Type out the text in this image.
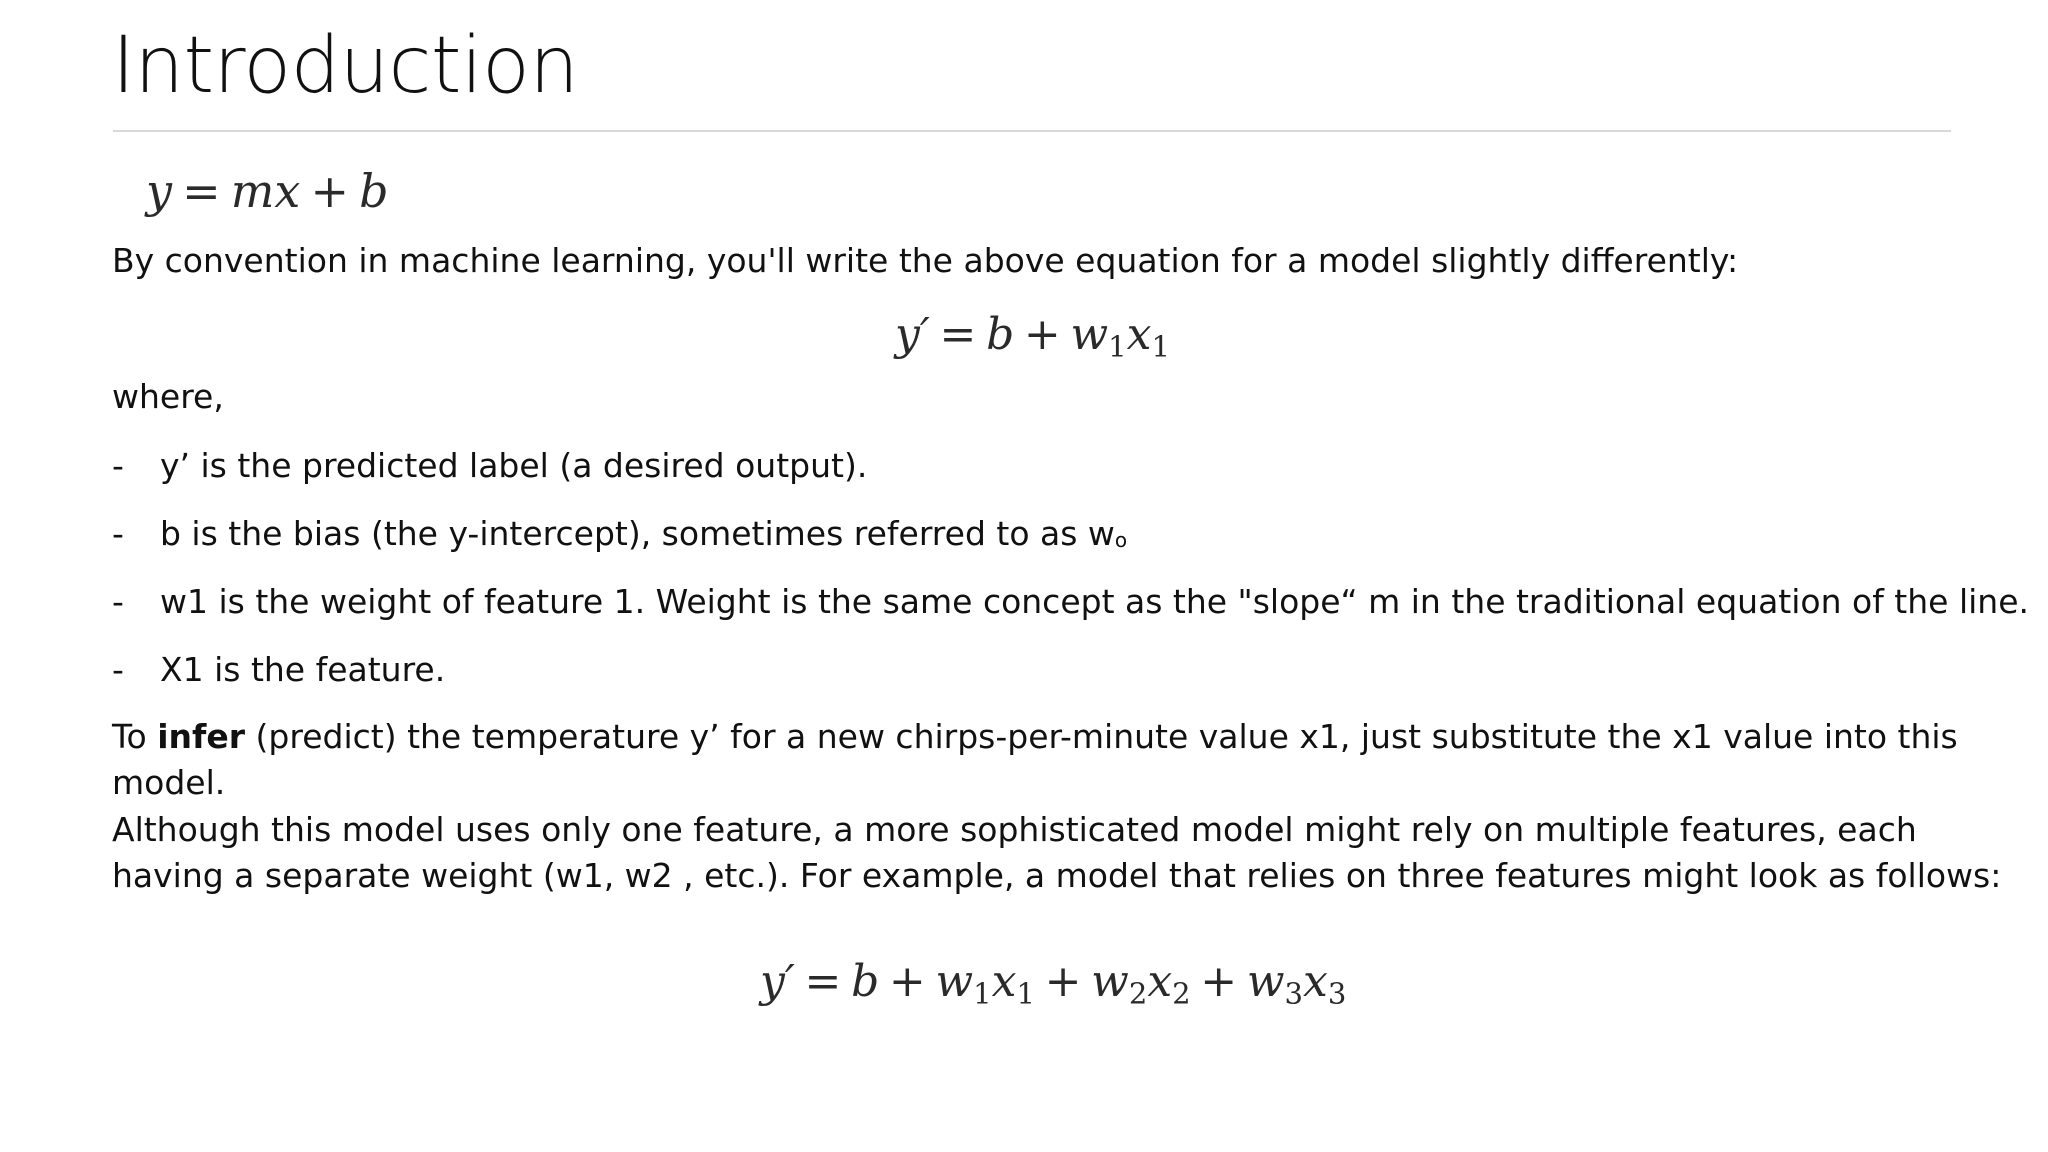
Introduction
y = mx + b
By convention in machine learning, you'll write the above equation for a model slightly differently:
$y' = b + w_1x_1$
where,
- y’ is the predicted label (a desired output).
- b is the bias (the y-intercept), sometimes referred to as wo
- w1 is the weight of feature 1. Weight is the same concept as the "slope“ m in the traditional equation of the line.
- X1 is the feature.
To infer (predict) the temperature y’ for a new chirps-per-minute value x1, just substitute the x1 value into this
model.
Although this model uses only one feature, a more sophisticated model might rely on multiple features, each
having a separate weight (w1, w2 , etc.). For example, a model that relies on three features might look as follows:
$y' = b + w_1x_1 + w_2x_2 + w_3x_3$
